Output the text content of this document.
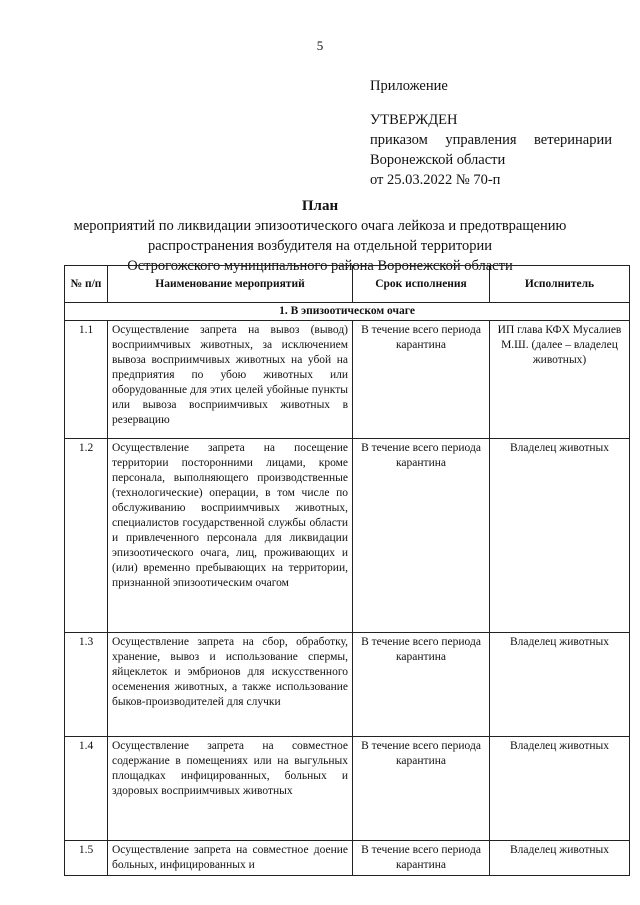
5
Приложение
УТВЕРЖДЕН
приказом управления ветеринарии
Воронежской области
от 25.03.2022 № 70-п
План
мероприятий по ликвидации эпизоотического очага лейкоза и предотвращению
распространения возбудителя на отдельной территории
Острогожского муниципального района Воронежской области
№ п/п	Наименование мероприятий	Срок исполнения	Исполнитель
1. В эпизоотическом очаге			
1.1	Осуществление запрета на вывоз (вывод) восприимчивых животных, за исключением вывоза восприимчивых животных на убой на предприятия по убою животных или оборудованные для этих целей убойные пункты или вывоза восприимчивых животных в резервацию	В течение всего периода карантина	ИП глава КФХ Мусалиев М.Ш. (далее – владелец животных)
1.2	Осуществление запрета на посещение территории посторонними лицами, кроме персонала, выполняющего производственные (технологические) операции, в том числе по обслуживанию восприимчивых животных, специалистов государственной службы области и привлеченного персонала для ликвидации эпизоотического очага, лиц, проживающих и (или) временно пребывающих на территории, признанной эпизоотическим очагом	В течение всего периода карантина	Владелец животных
1.3	Осуществление запрета на сбор, обработку, хранение, вывоз и использование спермы, яйцеклеток и эмбрионов для искусственного осеменения животных, а также использование быков-производителей для случки	В течение всего периода карантина	Владелец животных
1.4	Осуществление запрета на совместное содержание в помещениях или на выгульных площадках инфицированных, больных и здоровых восприимчивых животных	В течение всего периода карантина	Владелец животных
1.5	Осуществление запрета на совместное доение больных, инфицированных и	В течение всего периода карантина	Владелец животных
